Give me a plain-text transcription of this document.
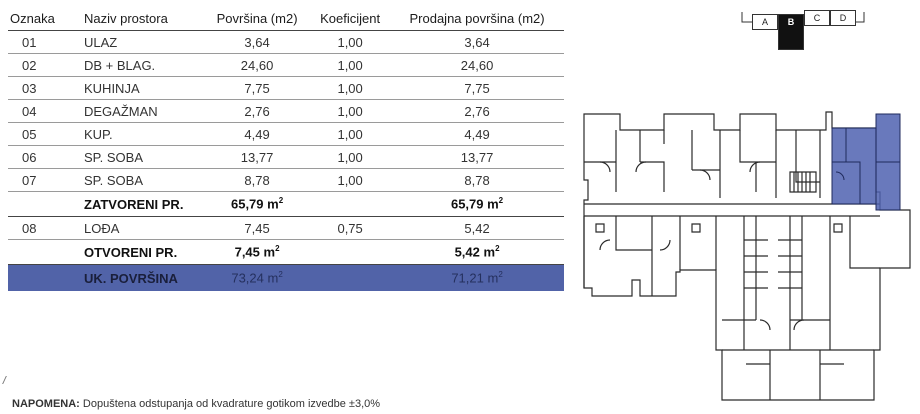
Oznaka	Naziv prostora	Površina (m2)	Koeficijent	Prodajna površina (m2)
01	ULAZ	3,64	1,00	3,64
02	DB + BLAG.	24,60	1,00	24,60
03	KUHINJA	7,75	1,00	7,75
04	DEGAŽMAN	2,76	1,00	2,76
05	KUP.	4,49	1,00	4,49
06	SP. SOBA	13,77	1,00	13,77
07	SP. SOBA	8,78	1,00	8,78
	ZATVORENI PR.	65,79 $m^2$		65,79 $m^2$
08	LOĐA	7,45	0,75	5,42
	OTVORENI PR.	7,45 $m^2$		5,42 $m^2$
	UK. POVRŠINA	73,24 $m^2$		71,21 $m^2$
NAPOMENA: Dopuštena odstupanja od kvadrature gotikom izvedbe ±3,0%
A	B	C	D
